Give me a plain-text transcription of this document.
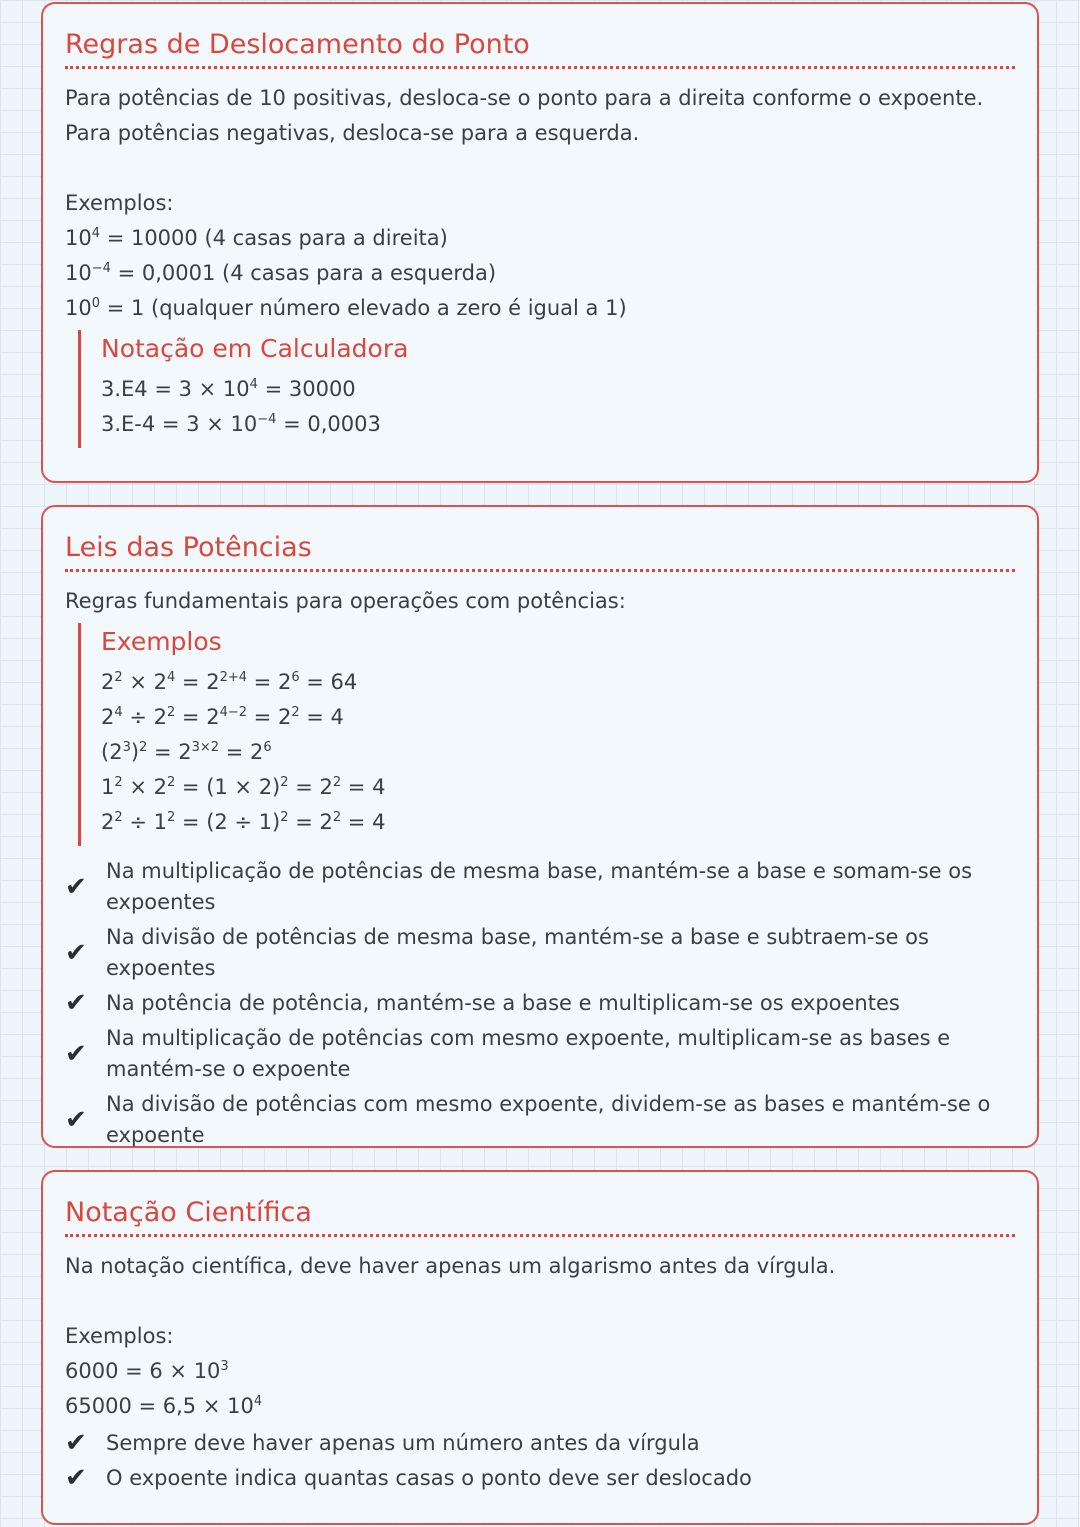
Regras de Deslocamento do Ponto

Para potências de 10 positivas, desloca-se o ponto para a direita conforme o expoente. Para potências negativas, desloca-se para a esquerda.

Exemplos:
$10^4 = 10000$ (4 casas para a direita)
$10^{-4} = 0,0001$ (4 casas para a esquerda)
$10^0 = 1$ (qualquer número elevado a zero é igual a 1)
Notação em Calculadora
$3.E4 = 3 \times 10^4 = 30000$
$3.E-4 = 3 \times 10^{-4} = 0,0003$
Leis das Potências

Regras fundamentais para operações com potências:

Exemplos
$2^2 \times 2^4 = 2^{2+4} = 2^6 = 64$
$2^4 \div 2^2 = 2^{4-2} = 2^2 = 4$
$(2^3)^2 = 2^{3\times 2} = 2^6$
$1^2 \times 2^2 = (1 \times 2)^2 = 2^2 = 4$
$2^2 \div 1^2 = (2 \div 1)^2 = 2^2 = 4$
✔
Na multiplicação de potências de mesma base, mantém-se a base e somam-se os expoentes
✔
Na divisão de potências de mesma base, mantém-se a base e subtraem-se os expoentes
✔ Na potência de potência, mantém-se a base e multiplicam-se os expoentes
✔
Na multiplicação de potências com mesmo expoente, multiplicam-se as bases e mantém-se o expoente
✔
Na divisão de potências com mesmo expoente, dividem-se as bases e mantém-se o expoente
Notação Científica

Na notação científica, deve haver apenas um algarismo antes da vírgula.

Exemplos:
$6000 = 6 \times 10^3$
$65000 = 6,5 \times 10^4$
✔ Sempre deve haver apenas um número antes da vírgula
✔ O expoente indica quantas casas o ponto deve ser deslocado
